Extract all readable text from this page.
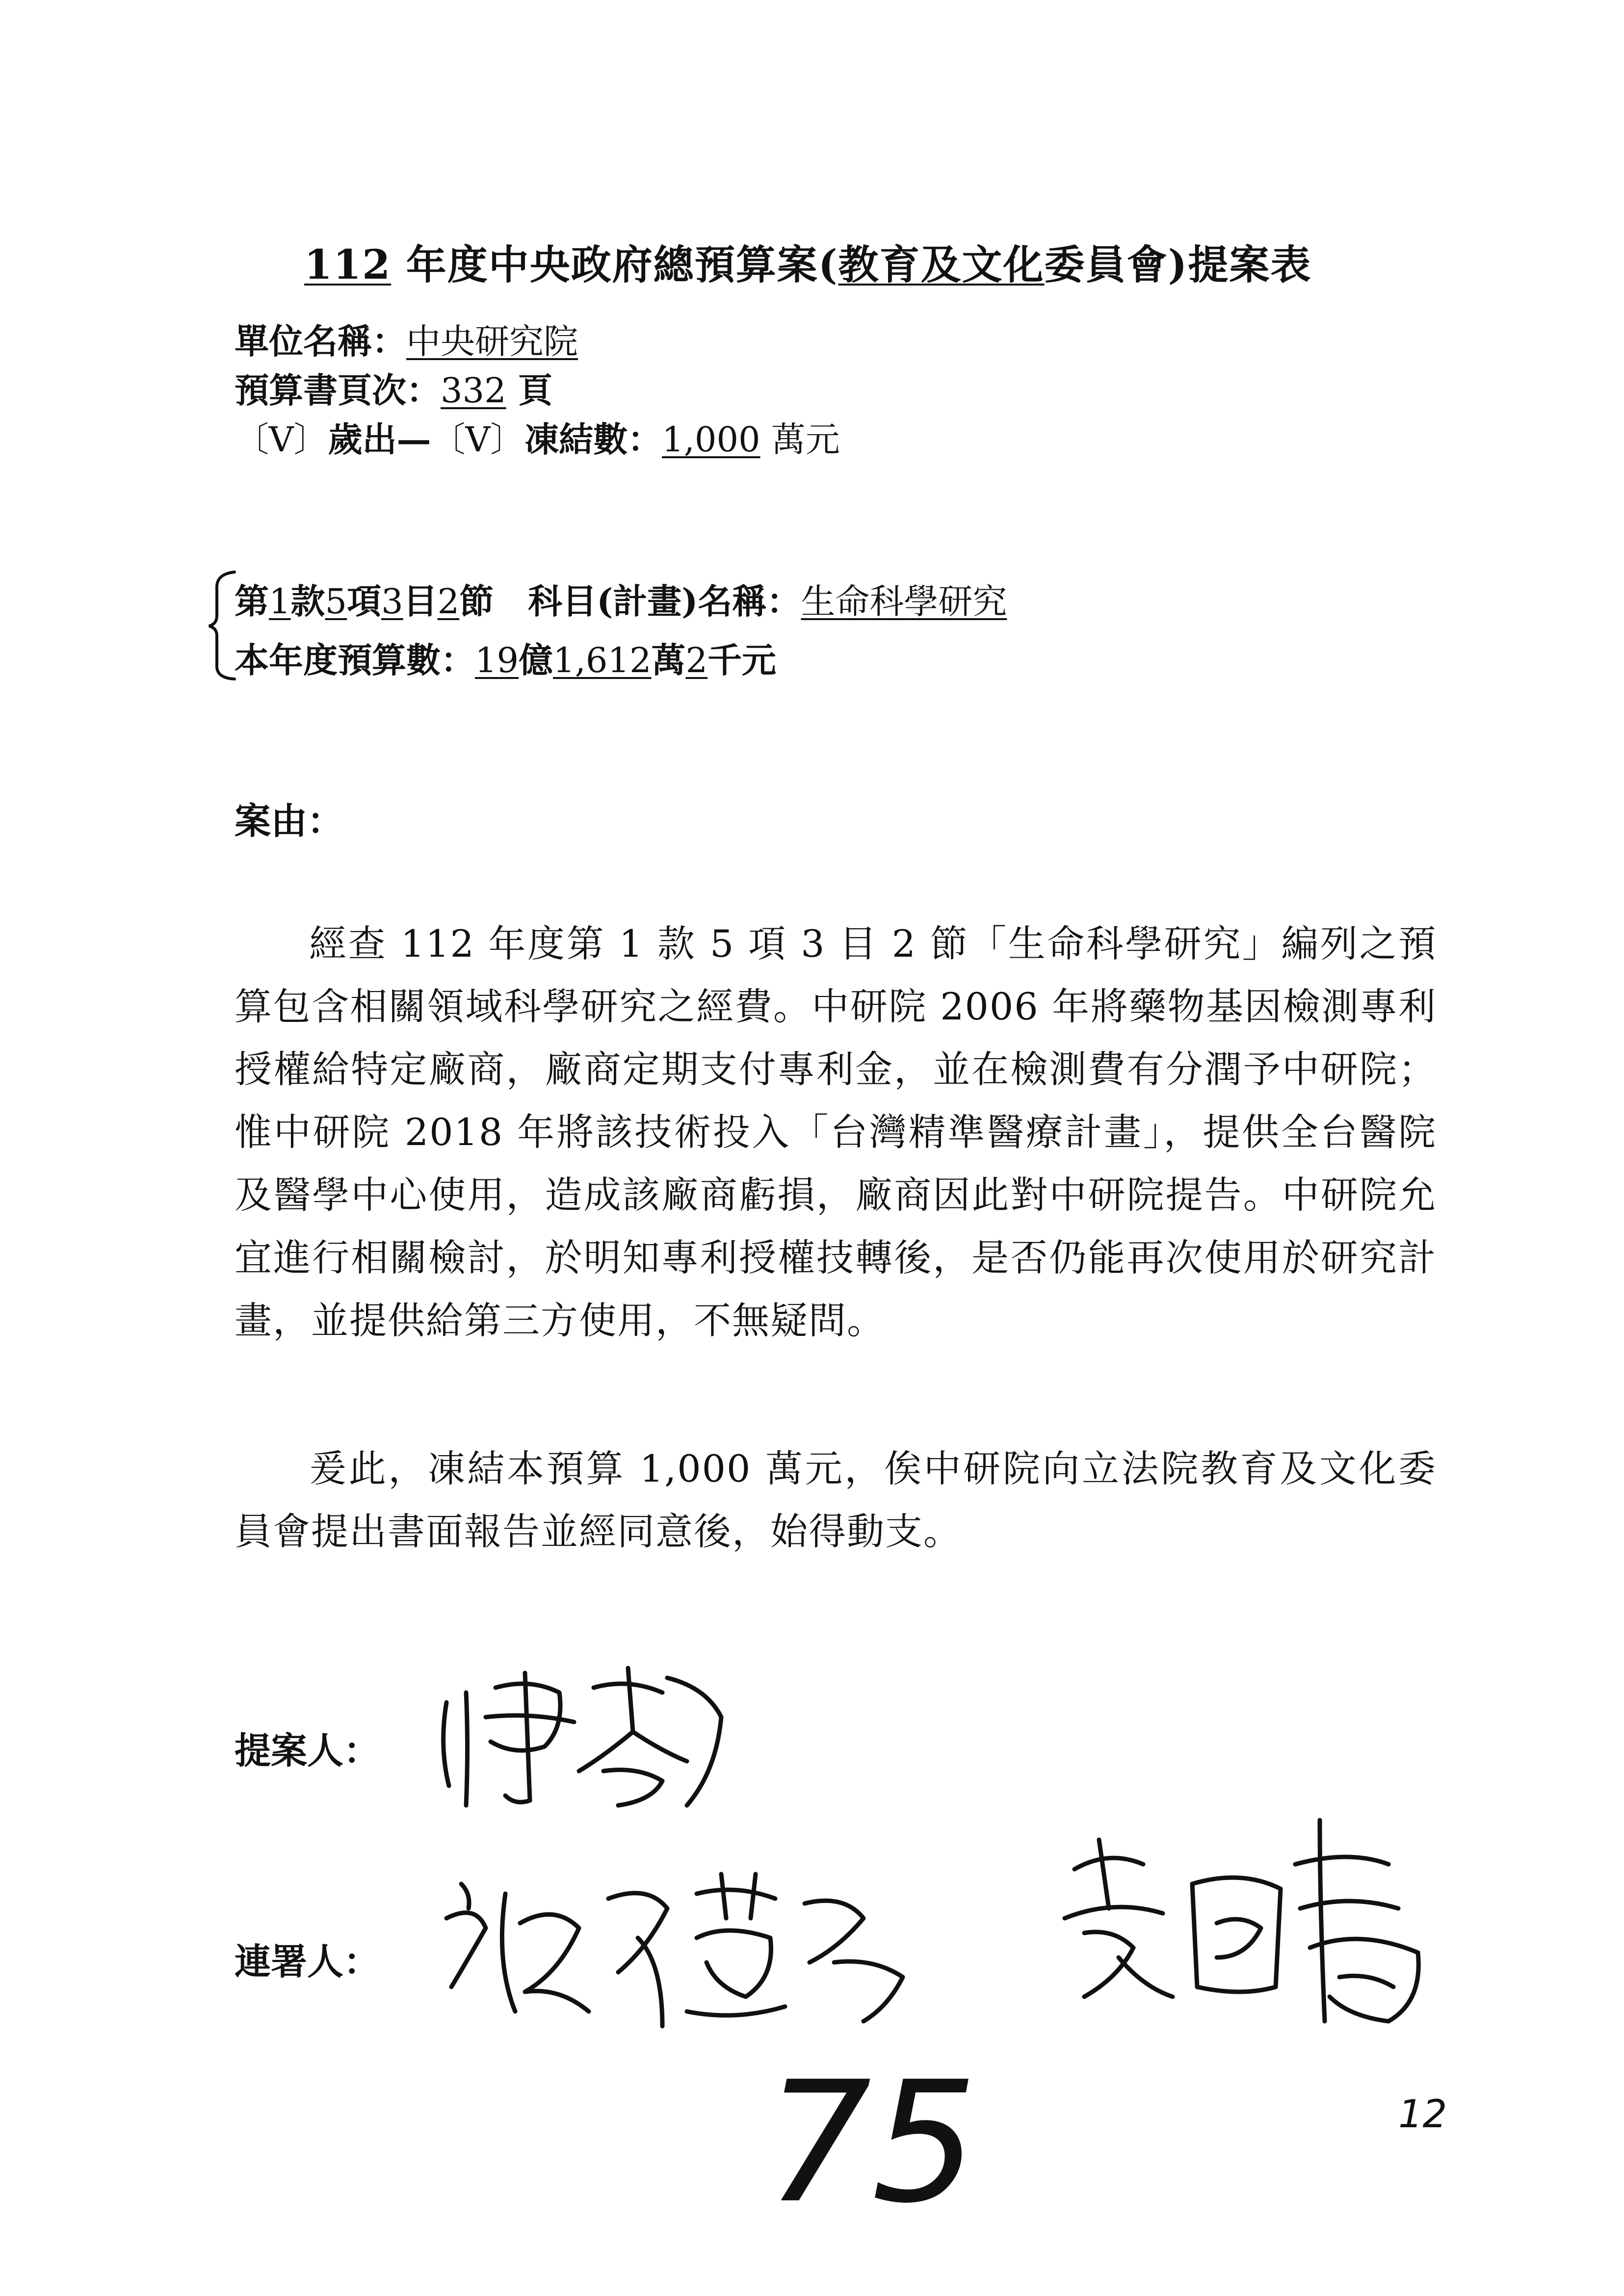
112 年度中央政府總預算案(教育及文化委員會)提案表
單位名稱：中央研究院
預算書頁次：332 頁
〔V〕歲出—〔V〕凍結數：1,000 萬元
第1款5項3目2節　科目(計畫)名稱：生命科學研究
本年度預算數：19億1,612萬2千元
案由：
經查 112 年度第 1 款 5 項 3 目 2 節「生命科學研究」編列之預算包含相關領域科學研究之經費。中研院 2006 年將藥物基因檢測專利授權給特定廠商，廠商定期支付專利金，並在檢測費有分潤予中研院；惟中研院 2018 年將該技術投入「台灣精準醫療計畫」，提供全台醫院及醫學中心使用，造成該廠商虧損，廠商因此對中研院提告。中研院允宜進行相關檢討，於明知專利授權技轉後，是否仍能再次使用於研究計畫，並提供給第三方使用，不無疑問。
爰此，凍結本預算 1,000 萬元，俟中研院向立法院教育及文化委員會提出書面報告並經同意後，始得動支。
提案人：
連署人：
75	12
